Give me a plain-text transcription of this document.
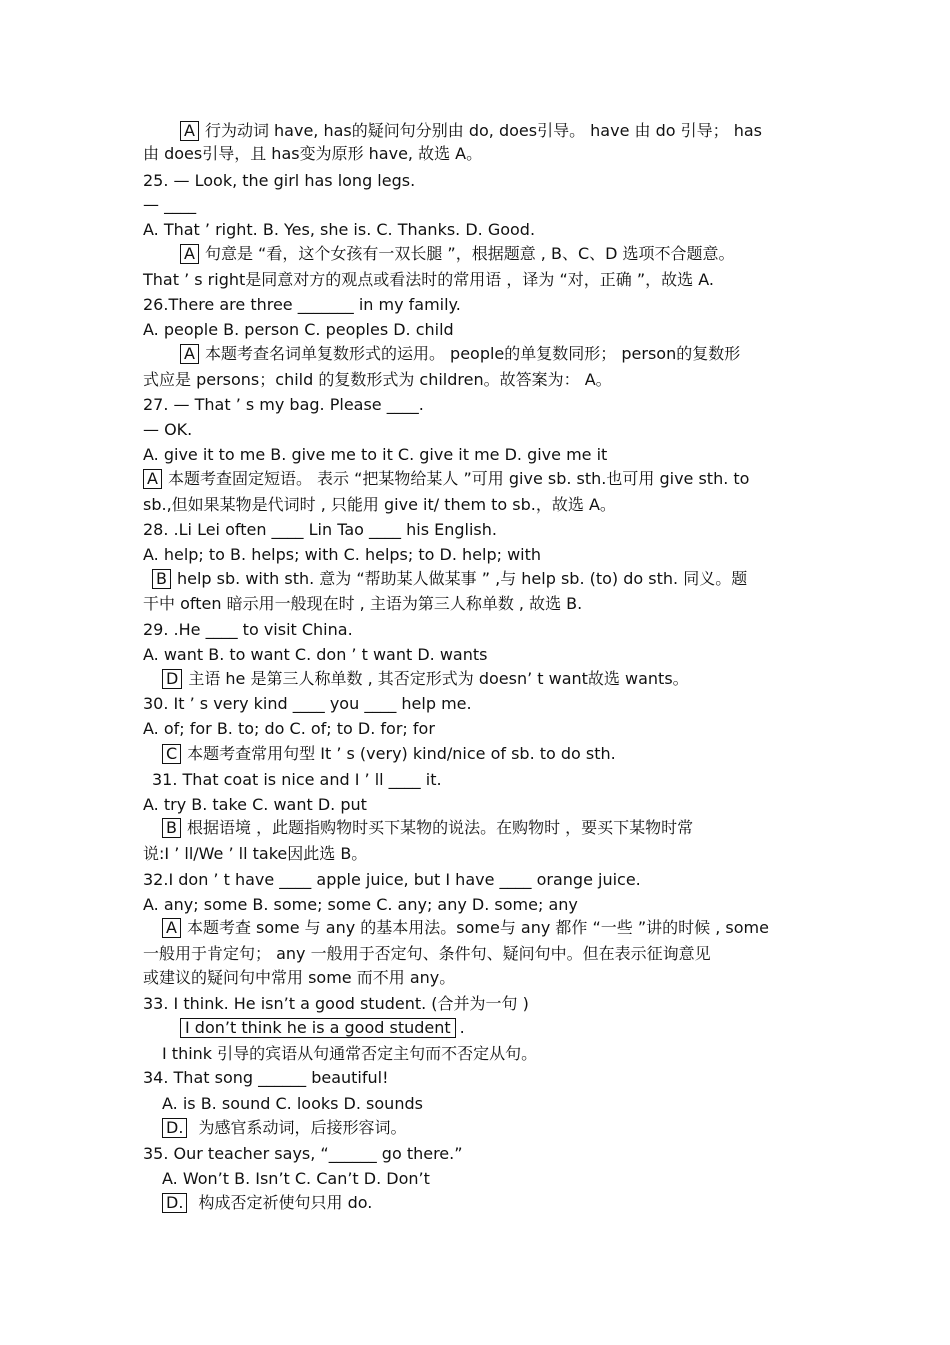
A 行为动词 have, has的疑问句分别由 do, does引导。 have 由 do 引导； has
由 does引导，且 has变为原形 have, 故选 A。
25. — Look, the girl has long legs.
— ____
A. That ’ right. B. Yes, she is. C. Thanks. D. Good.
A 句意是 “看，这个女孩有一双长腿 ”，根据题意 , B、C、D 选项不合题意。
That ’ s right是同意对方的观点或看法时的常用语 ，译为 “对，正确 ”，故选 A.
26.There are three _______ in my family.
A. people B. person C. peoples D. child
A 本题考查名词单复数形式的运用。 people的单复数同形； person的复数形
式应是 persons；child 的复数形式为 children。故答案为： A。
27. — That ’ s my bag. Please ____.
— OK.
A. give it to me B. give me to it C. give it me D. give me it
A 本题考查固定短语。 表示 “把某物给某人 ”可用 give sb. sth.也可用 give sth. to
sb.,但如果某物是代词时 , 只能用 give it/ them to sb.，故选 A。
28. .Li Lei often ____ Lin Tao ____ his English.
A. help; to B. helps; with C. helps; to D. help; with
B help sb. with sth. 意为 “帮助某人做某事 ” ,与 help sb. (to) do sth. 同义。题
干中 often 暗示用一般现在时 , 主语为第三人称单数 , 故选 B.
29. .He ____ to visit China.
A. want B. to want C. don ’ t want D. wants
D 主语 he 是第三人称单数 , 其否定形式为 doesn’ t want故选 wants。
30. It ’ s very kind ____ you ____ help me.
A. of; for B. to; do C. of; to D. for; for
C 本题考查常用句型 It ’ s (very) kind/nice of sb. to do sth.
31. That coat is nice and I ’ ll ____ it.
A. try B. take C. want D. put
B 根据语境 ，此题指购物时买下某物的说法。在购物时 ，要买下某物时常
说:I ’ ll/We ’ ll take因此选 B。
32.I don ’ t have ____ apple juice, but I have ____ orange juice.
A. any; some B. some; some C. any; any D. some; any
A 本题考查 some 与 any 的基本用法。some与 any 都作 “一些 ”讲的时候 , some
一般用于肯定句； any 一般用于否定句、条件句、疑问句中。但在表示征询意见
或建议的疑问句中常用 some 而不用 any。
33. I think. He isn’t a good student. (合并为一句 )
I don’t think he is a good student .
I think 引导的宾语从句通常否定主句而不否定从句。
34. That song ______ beautiful!
A. is B. sound C. looks D. sounds
D. 为感官系动词，后接形容词。
35. Our teacher says, “______ go there.”
A. Won’t B. Isn’t C. Can’t D. Don’t
D. 构成否定祈使句只用 do.
